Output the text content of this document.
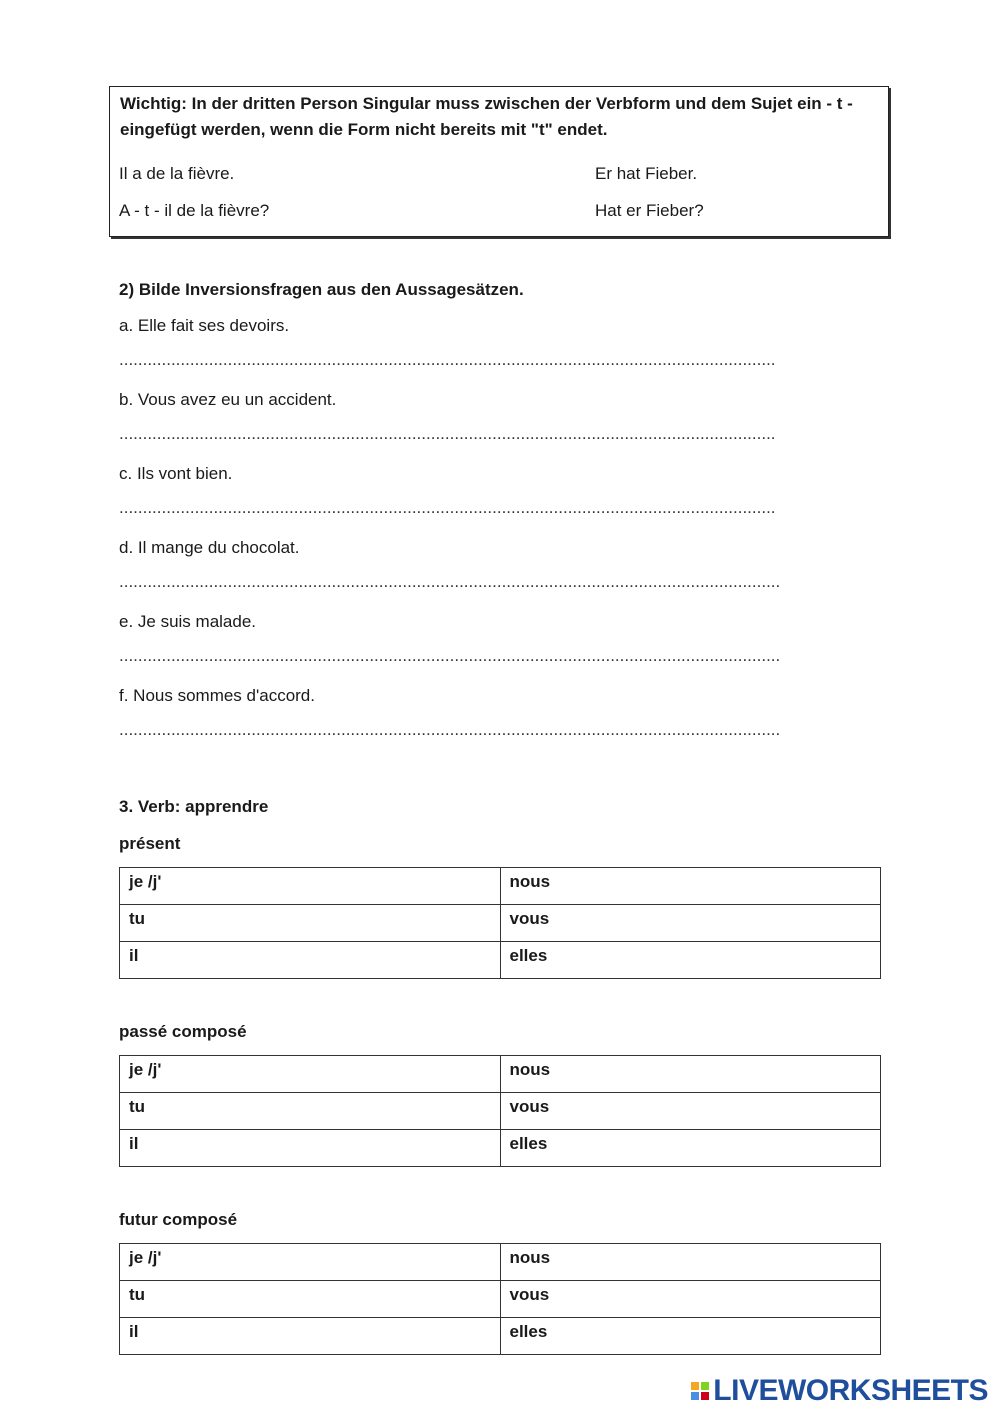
Wichtig: In der dritten Person Singular muss zwischen der Verbform und dem Sujet ein - t - eingefügt werden, wenn die Form nicht bereits mit "t" endet.
Il a de la fièvre.	Er hat Fieber.
A - t - il de la fièvre?	Hat er Fieber?
2) Bilde Inversionsfragen aus den Aussagesätzen.
a. Elle fait ses devoirs.
...........................................................................................................................................
b. Vous avez eu un accident.
...........................................................................................................................................
c. Ils vont bien.
...........................................................................................................................................
d. Il mange du chocolat.
............................................................................................................................................
e. Je suis malade.
............................................................................................................................................
f. Nous sommes d'accord.
............................................................................................................................................
3. Verb: apprendre
présent
je /j'	nous
tu	vous
il	elles
passé composé
je /j'	nous
tu	vous
il	elles
futur composé
je /j'	nous
tu	vous
il	elles
LIVEWORKSHEETS
